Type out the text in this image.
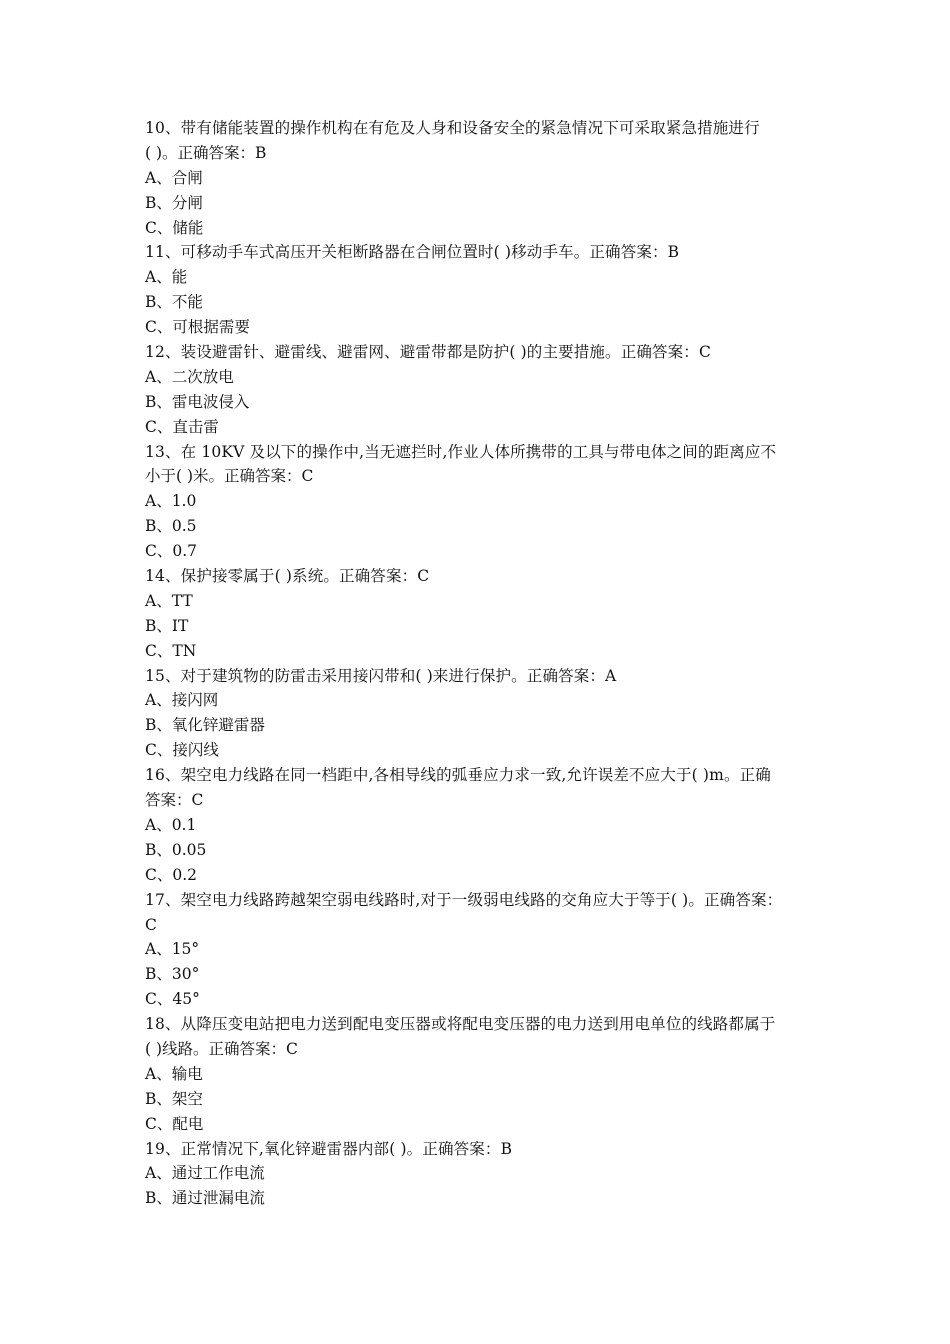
10、带有储能装置的操作机构在有危及人身和设备安全的紧急情况下可采取紧急措施进行
( )。正确答案：B
A、合闸
B、分闸
C、储能
11、可移动手车式高压开关柜断路器在合闸位置时( )移动手车。正确答案：B
A、能
B、不能
C、可根据需要
12、装设避雷针、避雷线、避雷网、避雷带都是防护( )的主要措施。正确答案：C
A、二次放电
B、雷电波侵入
C、直击雷
13、在 10KV 及以下的操作中,当无遮拦时,作业人体所携带的工具与带电体之间的距离应不
小于( )米。正确答案：C
A、1.0
B、0.5
C、0.7
14、保护接零属于( )系统。正确答案：C
A、TT
B、IT
C、TN
15、对于建筑物的防雷击采用接闪带和( )来进行保护。正确答案：A
A、接闪网
B、氧化锌避雷器
C、接闪线
16、架空电力线路在同一档距中,各相导线的弧垂应力求一致,允许误差不应大于( )m。正确
答案：C
A、0.1
B、0.05
C、0.2
17、架空电力线路跨越架空弱电线路时,对于一级弱电线路的交角应大于等于( )。正确答案：
C
A、15°
B、30°
C、45°
18、从降压变电站把电力送到配电变压器或将配电变压器的电力送到用电单位的线路都属于
( )线路。正确答案：C
A、输电
B、架空
C、配电
19、正常情况下,氧化锌避雷器内部( )。正确答案：B
A、通过工作电流
B、通过泄漏电流
